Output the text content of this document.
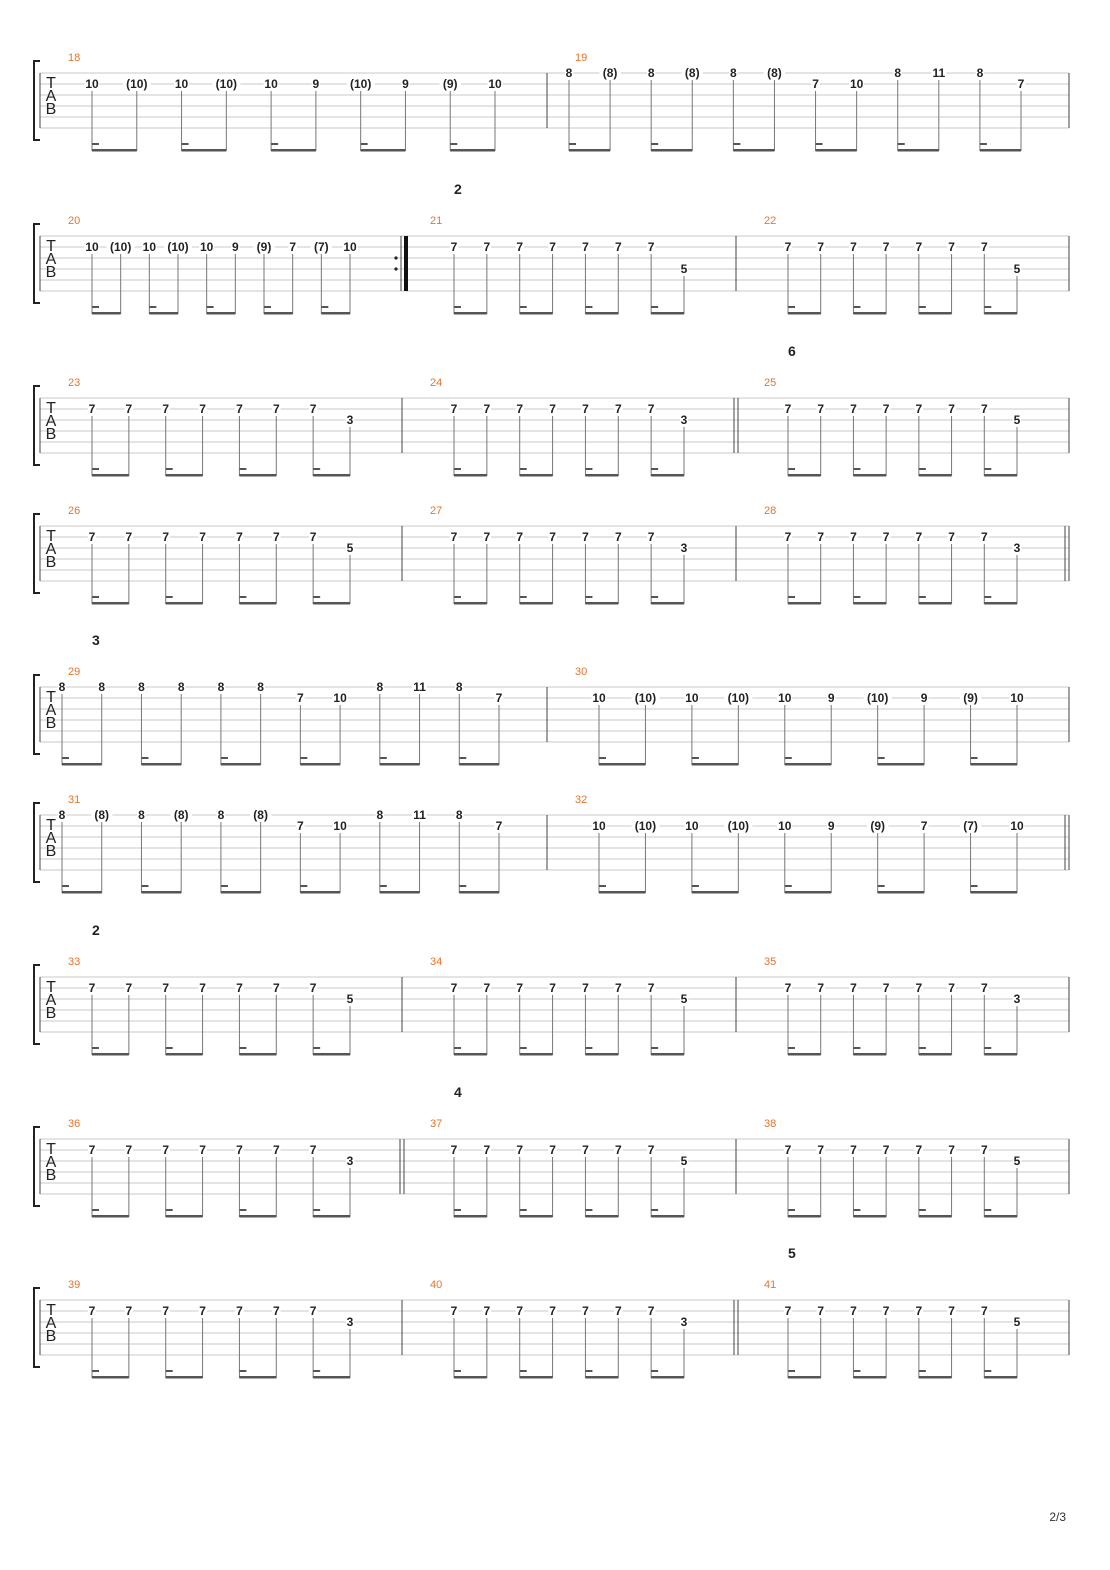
T
A
B
18
10 (10) 10 (10) 10	9	(10)	9	(9)	10
19
8	(8)	8	(8)	8	(8)
7	10
8	11	8
7
T
A
B
20
10 (10) 10 (10) 10 9 (9) 7 (7) 10
21
7 7 7 7 7 7 7
5
22
7 7 7 7 7 7 7
5
2
T
A
B
23
7	7	7	7	7	7	7
3
24
7 7 7 7 7 7 7
3
25
7 7 7 7 7 7 7
5
6
T
A
B
26
7	7	7	7	7	7	7
5
27
7 7 7 7 7 7 7
3
28
7 7 7 7 7 7 7
3
T
A
B
29
8	8	8	8	8	8
7 10
8	11	8
7
30
10 (10) 10 (10) 10	9	(10)	9	(9)	10
3
T
A
B
31
8 (8) 8 (8) 8 (8)
7 10
8	11	8
7
32
10 (10) 10 (10) 10	9	(9)	7	(7)	10
T
A
B
33
7	7	7	7	7	7	7
5
34
7 7 7 7 7 7 7
5
35
7 7 7 7 7 7 7
3
2
T
A
B
36
7	7	7	7	7	7	7
3
37
7 7 7 7 7 7 7
5
38
7 7 7 7 7 7 7
5
4
T
A
B
39
7	7	7	7	7	7	7
3
40
7 7 7 7 7 7 7
3
41
7 7 7 7 7 7 7
5
5
2/3
